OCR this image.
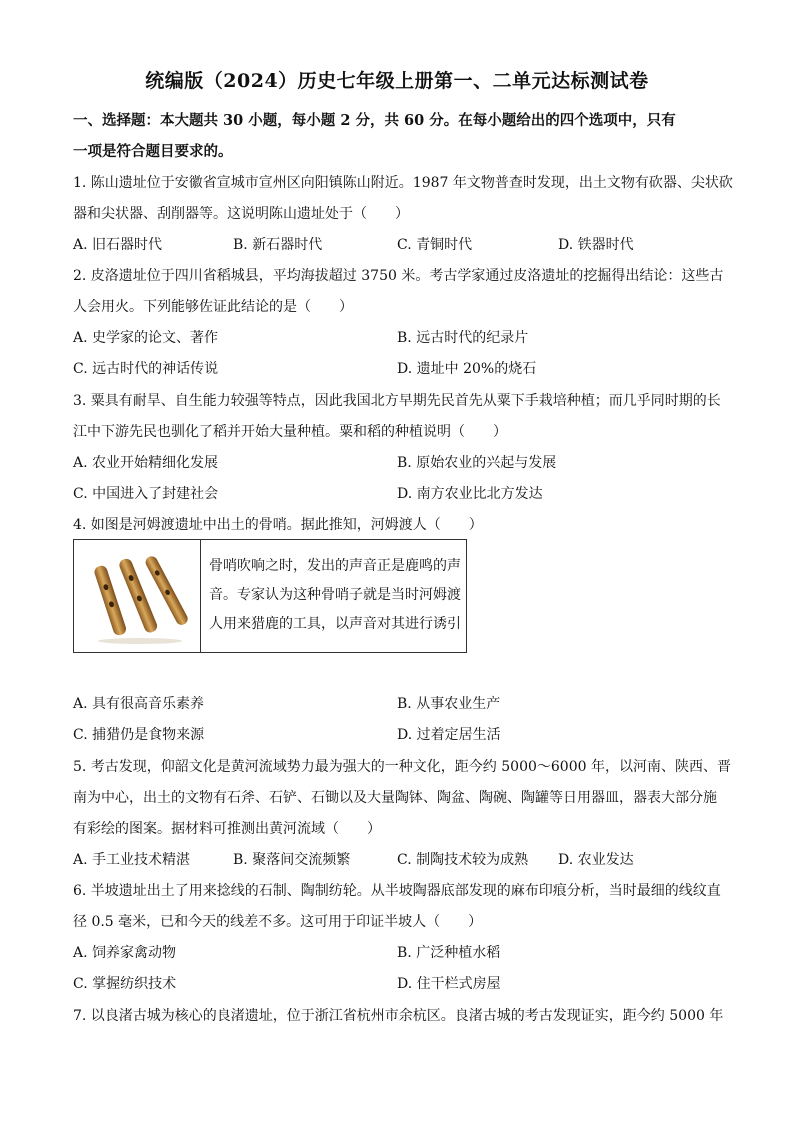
统编版（2024）历史七年级上册第一、二单元达标测试卷
一、选择题：本大题共 30 小题，每小题 2 分，共 60 分。在每小题给出的四个选项中，只有
一项是符合题目要求的。
1. 陈山遗址位于安徽省宣城市宣州区向阳镇陈山附近。1987 年文物普查时发现，出土文物有砍器、尖状砍
器和尖状器、刮削器等。这说明陈山遗址处于（　　）
A. 旧石器时代	B. 新石器时代	C. 青铜时代	D. 铁器时代
2. 皮洛遗址位于四川省稻城县，平均海拔超过 3750 米。考古学家通过皮洛遗址的挖掘得出结论：这些古
人会用火。下列能够佐证此结论的是（　　）
A. 史学家的论文、著作	B. 远古时代的纪录片
C. 远古时代的神话传说	D. 遗址中 20%的烧石
3. 粟具有耐旱、自生能力较强等特点，因此我国北方早期先民首先从粟下手栽培种植；而几乎同时期的长
江中下游先民也驯化了稻并开始大量种植。粟和稻的种植说明（　　）
A. 农业开始精细化发展	B. 原始农业的兴起与发展
C. 中国进入了封建社会	D. 南方农业比北方发达
4. 如图是河姆渡遗址中出土的骨哨。据此推知，河姆渡人（　　）
骨哨吹响之时，发出的声音正是鹿鸣的声
音。专家认为这种骨哨子就是当时河姆渡
人用来猎鹿的工具，以声音对其进行诱引
A. 具有很高音乐素养	B. 从事农业生产
C. 捕猎仍是食物来源	D. 过着定居生活
5. 考古发现，仰韶文化是黄河流域势力最为强大的一种文化，距今约 5000～6000 年，以河南、陕西、晋
南为中心，出土的文物有石斧、石铲、石锄以及大量陶钵、陶盆、陶碗、陶罐等日用器皿，器表大部分施
有彩绘的图案。据材料可推测出黄河流域（　　）
A. 手工业技术精湛	B. 聚落间交流频繁	C. 制陶技术较为成熟 D. 农业发达
6. 半坡遗址出土了用来捻线的石制、陶制纺轮。从半坡陶器底部发现的麻布印痕分析，当时最细的线纹直
径 0.5 毫米，已和今天的线差不多。这可用于印证半坡人（　　）
A. 饲养家禽动物	B. 广泛种植水稻
C. 掌握纺织技术	D. 住干栏式房屋
7. 以良渚古城为核心的良渚遗址，位于浙江省杭州市余杭区。良渚古城的考古发现证实，距今约 5000 年
